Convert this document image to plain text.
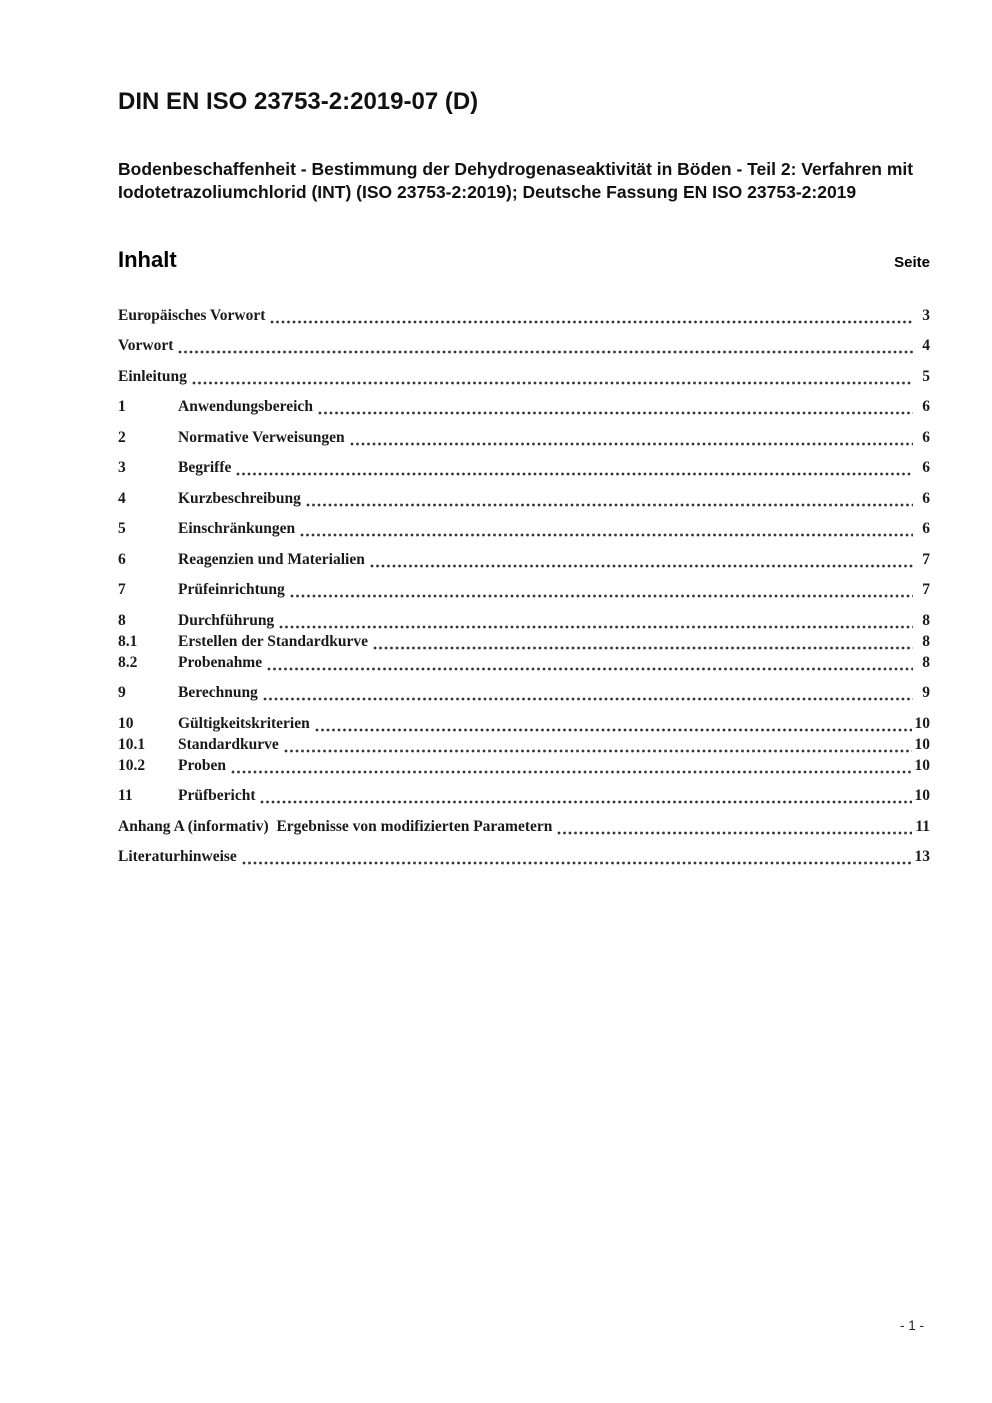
DIN EN ISO 23753-2:2019-07 (D)
Bodenbeschaffenheit - Bestimmung der Dehydrogenaseaktivität in Böden - Teil 2: Verfahren mit Iodotetrazoliumchlorid (INT) (ISO 23753-2:2019); Deutsche Fassung EN ISO 23753-2:2019
Inhalt	Seite
Europäisches Vorwort	3
Vorwort	4
Einleitung	5
1	Anwendungsbereich	6
2	Normative Verweisungen	6
3	Begriffe	6
4	Kurzbeschreibung	6
5	Einschränkungen	6
6	Reagenzien und Materialien	7
7	Prüfeinrichtung	7
8	Durchführung	8
8.1	Erstellen der Standardkurve	8
8.2	Probenahme	8
9	Berechnung	9
10	Gültigkeitskriterien	10
10.1	Standardkurve	10
10.2	Proben	10
11	Prüfbericht	10
Anhang A (informativ)  Ergebnisse von modifizierten Parametern	11
Literaturhinweise	13
- 1 -
